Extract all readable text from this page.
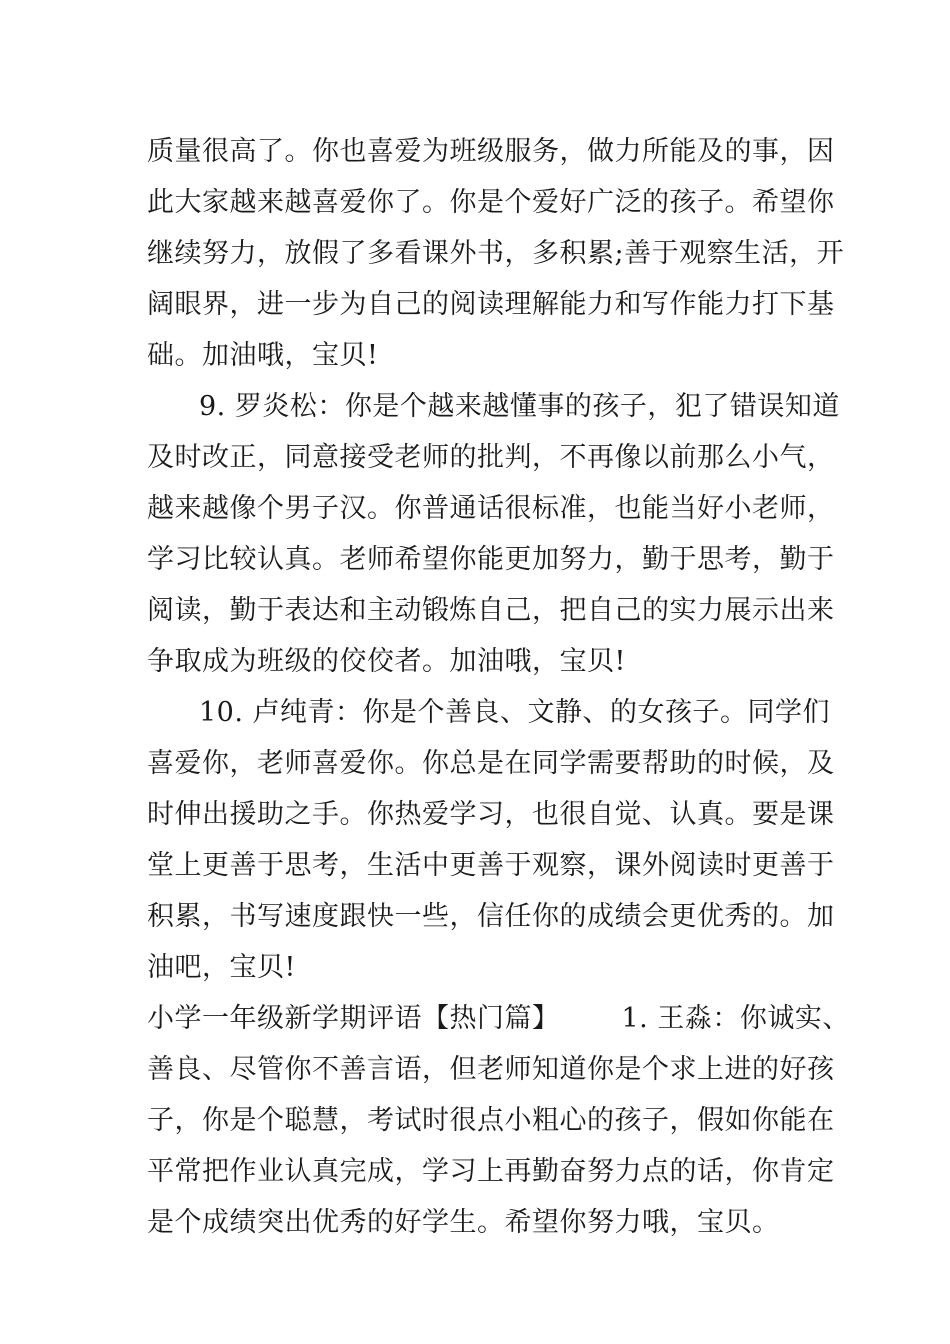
质量很高了。你也喜爱为班级服务，做力所能及的事，因
此大家越来越喜爱你了。你是个爱好广泛的孩子。希望你
继续努力，放假了多看课外书，多积累;善于观察生活，开
阔眼界，进一步为自己的阅读理解能力和写作能力打下基
础。加油哦，宝贝!
9. 罗炎松：你是个越来越懂事的孩子，犯了错误知道
及时改正，同意接受老师的批判，不再像以前那么小气，
越来越像个男子汉。你普通话很标准，也能当好小老师，
学习比较认真。老师希望你能更加努力，勤于思考，勤于
阅读，勤于表达和主动锻炼自己，把自己的实力展示出来
争取成为班级的佼佼者。加油哦，宝贝!
10. 卢纯青：你是个善良、文静、的女孩子。同学们
喜爱你，老师喜爱你。你总是在同学需要帮助的时候，及
时伸出援助之手。你热爱学习，也很自觉、认真。要是课
堂上更善于思考，生活中更善于观察，课外阅读时更善于
积累，书写速度跟快一些，信任你的成绩会更优秀的。加
油吧，宝贝!
小学一年级新学期评语【热门篇】 1. 王淼：你诚实、
善良、尽管你不善言语，但老师知道你是个求上进的好孩
子，你是个聪慧，考试时很点小粗心的孩子，假如你能在
平常把作业认真完成，学习上再勤奋努力点的话，你肯定
是个成绩突出优秀的好学生。希望你努力哦，宝贝。
